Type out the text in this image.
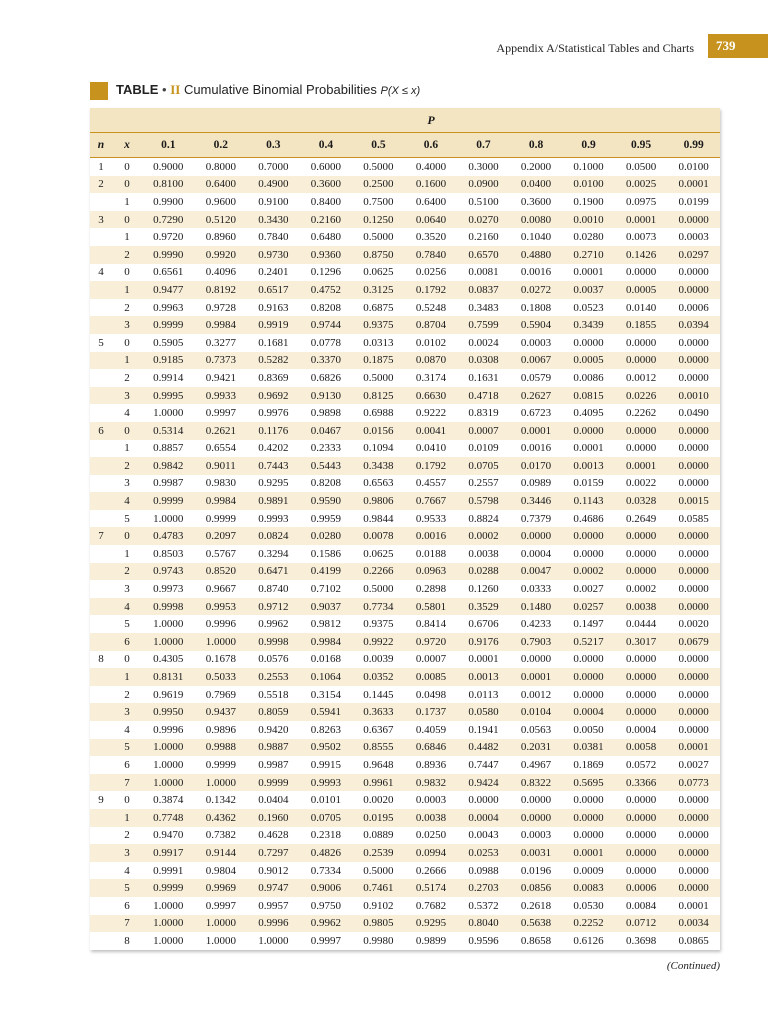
Appendix A/Statistical Tables and Charts	739
TABLE • II Cumulative Binomial Probabilities P(X ≤ x)
		P										
n	x	0.1	0.2	0.3	0.4	0.5	0.6	0.7	0.8	0.9	0.95	0.99
1	0	0.9000	0.8000	0.7000	0.6000	0.5000	0.4000	0.3000	0.2000	0.1000	0.0500	0.0100
2	0	0.8100	0.6400	0.4900	0.3600	0.2500	0.1600	0.0900	0.0400	0.0100	0.0025	0.0001
	1	0.9900	0.9600	0.9100	0.8400	0.7500	0.6400	0.5100	0.3600	0.1900	0.0975	0.0199
3	0	0.7290	0.5120	0.3430	0.2160	0.1250	0.0640	0.0270	0.0080	0.0010	0.0001	0.0000
	1	0.9720	0.8960	0.7840	0.6480	0.5000	0.3520	0.2160	0.1040	0.0280	0.0073	0.0003
	2	0.9990	0.9920	0.9730	0.9360	0.8750	0.7840	0.6570	0.4880	0.2710	0.1426	0.0297
4	0	0.6561	0.4096	0.2401	0.1296	0.0625	0.0256	0.0081	0.0016	0.0001	0.0000	0.0000
	1	0.9477	0.8192	0.6517	0.4752	0.3125	0.1792	0.0837	0.0272	0.0037	0.0005	0.0000
	2	0.9963	0.9728	0.9163	0.8208	0.6875	0.5248	0.3483	0.1808	0.0523	0.0140	0.0006
	3	0.9999	0.9984	0.9919	0.9744	0.9375	0.8704	0.7599	0.5904	0.3439	0.1855	0.0394
5	0	0.5905	0.3277	0.1681	0.0778	0.0313	0.0102	0.0024	0.0003	0.0000	0.0000	0.0000
	1	0.9185	0.7373	0.5282	0.3370	0.1875	0.0870	0.0308	0.0067	0.0005	0.0000	0.0000
	2	0.9914	0.9421	0.8369	0.6826	0.5000	0.3174	0.1631	0.0579	0.0086	0.0012	0.0000
	3	0.9995	0.9933	0.9692	0.9130	0.8125	0.6630	0.4718	0.2627	0.0815	0.0226	0.0010
	4	1.0000	0.9997	0.9976	0.9898	0.6988	0.9222	0.8319	0.6723	0.4095	0.2262	0.0490
6	0	0.5314	0.2621	0.1176	0.0467	0.0156	0.0041	0.0007	0.0001	0.0000	0.0000	0.0000
	1	0.8857	0.6554	0.4202	0.2333	0.1094	0.0410	0.0109	0.0016	0.0001	0.0000	0.0000
	2	0.9842	0.9011	0.7443	0.5443	0.3438	0.1792	0.0705	0.0170	0.0013	0.0001	0.0000
	3	0.9987	0.9830	0.9295	0.8208	0.6563	0.4557	0.2557	0.0989	0.0159	0.0022	0.0000
	4	0.9999	0.9984	0.9891	0.9590	0.9806	0.7667	0.5798	0.3446	0.1143	0.0328	0.0015
	5	1.0000	0.9999	0.9993	0.9959	0.9844	0.9533	0.8824	0.7379	0.4686	0.2649	0.0585
7	0	0.4783	0.2097	0.0824	0.0280	0.0078	0.0016	0.0002	0.0000	0.0000	0.0000	0.0000
	1	0.8503	0.5767	0.3294	0.1586	0.0625	0.0188	0.0038	0.0004	0.0000	0.0000	0.0000
	2	0.9743	0.8520	0.6471	0.4199	0.2266	0.0963	0.0288	0.0047	0.0002	0.0000	0.0000
	3	0.9973	0.9667	0.8740	0.7102	0.5000	0.2898	0.1260	0.0333	0.0027	0.0002	0.0000
	4	0.9998	0.9953	0.9712	0.9037	0.7734	0.5801	0.3529	0.1480	0.0257	0.0038	0.0000
	5	1.0000	0.9996	0.9962	0.9812	0.9375	0.8414	0.6706	0.4233	0.1497	0.0444	0.0020
	6	1.0000	1.0000	0.9998	0.9984	0.9922	0.9720	0.9176	0.7903	0.5217	0.3017	0.0679
8	0	0.4305	0.1678	0.0576	0.0168	0.0039	0.0007	0.0001	0.0000	0.0000	0.0000	0.0000
	1	0.8131	0.5033	0.2553	0.1064	0.0352	0.0085	0.0013	0.0001	0.0000	0.0000	0.0000
	2	0.9619	0.7969	0.5518	0.3154	0.1445	0.0498	0.0113	0.0012	0.0000	0.0000	0.0000
	3	0.9950	0.9437	0.8059	0.5941	0.3633	0.1737	0.0580	0.0104	0.0004	0.0000	0.0000
	4	0.9996	0.9896	0.9420	0.8263	0.6367	0.4059	0.1941	0.0563	0.0050	0.0004	0.0000
	5	1.0000	0.9988	0.9887	0.9502	0.8555	0.6846	0.4482	0.2031	0.0381	0.0058	0.0001
	6	1.0000	0.9999	0.9987	0.9915	0.9648	0.8936	0.7447	0.4967	0.1869	0.0572	0.0027
	7	1.0000	1.0000	0.9999	0.9993	0.9961	0.9832	0.9424	0.8322	0.5695	0.3366	0.0773
9	0	0.3874	0.1342	0.0404	0.0101	0.0020	0.0003	0.0000	0.0000	0.0000	0.0000	0.0000
	1	0.7748	0.4362	0.1960	0.0705	0.0195	0.0038	0.0004	0.0000	0.0000	0.0000	0.0000
	2	0.9470	0.7382	0.4628	0.2318	0.0889	0.0250	0.0043	0.0003	0.0000	0.0000	0.0000
	3	0.9917	0.9144	0.7297	0.4826	0.2539	0.0994	0.0253	0.0031	0.0001	0.0000	0.0000
	4	0.9991	0.9804	0.9012	0.7334	0.5000	0.2666	0.0988	0.0196	0.0009	0.0000	0.0000
	5	0.9999	0.9969	0.9747	0.9006	0.7461	0.5174	0.2703	0.0856	0.0083	0.0006	0.0000
	6	1.0000	0.9997	0.9957	0.9750	0.9102	0.7682	0.5372	0.2618	0.0530	0.0084	0.0001
	7	1.0000	1.0000	0.9996	0.9962	0.9805	0.9295	0.8040	0.5638	0.2252	0.0712	0.0034
	8	1.0000	1.0000	1.0000	0.9997	0.9980	0.9899	0.9596	0.8658	0.6126	0.3698	0.0865
(Continued)
